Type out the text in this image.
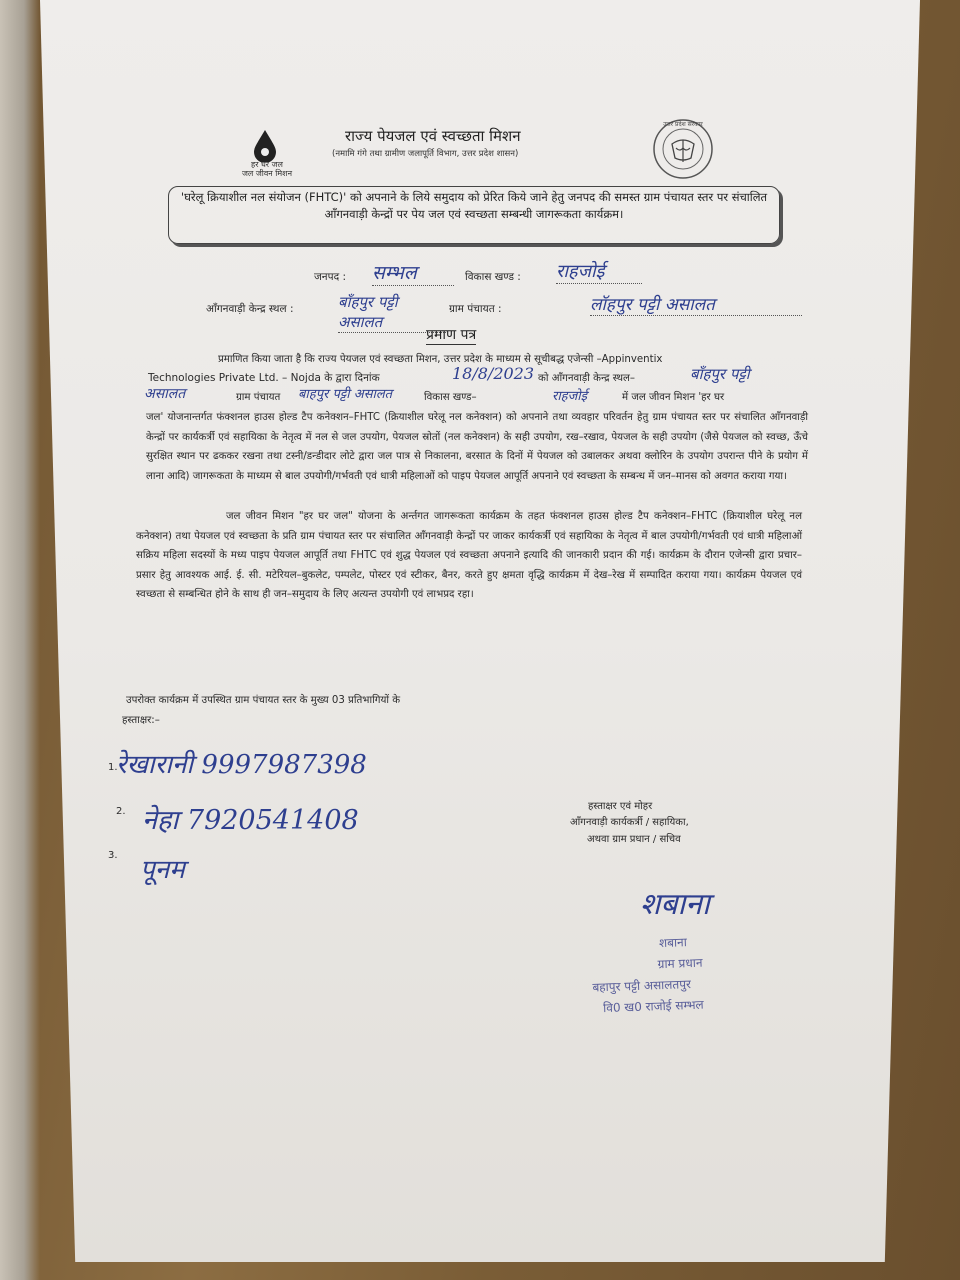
हर घर जल
जल जीवन मिशन
राज्य पेयजल एवं स्वच्छता मिशन
(नमामि गंगे तथा ग्रामीण जलापूर्ति विभाग, उत्तर प्रदेश शासन)
उत्तर प्रदेश सरकार
'घरेलू क्रियाशील नल संयोजन (FHTC)' को अपनाने के लिये समुदाय को प्रेरित किये जाने हेतु जनपद की समस्त ग्राम पंचायत स्तर पर संचालित आँगनवाड़ी केन्द्रों पर पेय जल एवं स्वच्छता सम्बन्धी जागरूकता कार्यक्रम।
जनपद : सम्भल	विकास खण्ड : राहजोई
आँगनवाड़ी केन्द्र स्थल :	बाँहपुर पट्टी असालत
ग्राम पंचायत :	लॉहपुर पट्टी असालत
प्रमाण पत्र
प्रमाणित किया जाता है कि राज्य पेयजल एवं स्वच्छता मिशन, उत्तर प्रदेश के माध्यम से सूचीबद्ध एजेन्सी –Appinventix
Technologies Private Ltd. – Nojda के द्वारा दिनांक	18/8/2023 को आँगनवाड़ी केन्द्र स्थल–	बाँहपुर पट्टी
असालत	ग्राम पंचायत बाहपुर पट्टी असालत	विकास खण्ड–	राहजोई	में जल जीवन मिशन 'हर घर
जल' योजनान्तर्गत फंक्शनल हाउस होल्ड टैप कनेक्शन–FHTC (क्रियाशील घरेलू नल कनेक्शन) को अपनाने तथा व्यवहार परिवर्तन हेतु ग्राम पंचायत स्तर पर संचालित आँगनवाड़ी केन्द्रों पर कार्यकर्त्री एवं सहायिका के नेतृत्व में नल से जल उपयोग, पेयजल स्रोतों (नल कनेक्शन) के सही उपयोग, रख–रखाव, पेयजल के सही उपयोग (जैसे पेयजल को स्वच्छ, ऊँचे सुरक्षित स्थान पर ढककर रखना तथा टस्नी/डन्डीदार लोटे द्वारा जल पात्र से निकालना, बरसात के दिनों में पेयजल को उबालकर अथवा क्लोरिन के उपयोग उपरान्त पीने के प्रयोग में लाना आदि) जागरूकता के माध्यम से बाल उपयोगी/गर्भवती एवं धात्री महिलाओं को पाइप पेयजल आपूर्ति अपनाने एवं स्वच्छता के सम्बन्ध में जन–मानस को अवगत कराया गया।
जल जीवन मिशन "हर घर जल" योजना के अर्न्तगत जागरूकता कार्यक्रम के तहत फंक्शनल हाउस होल्ड टैप कनेक्शन–FHTC (क्रियाशील घरेलू नल कनेक्शन) तथा पेयजल एवं स्वच्छता के प्रति ग्राम पंचायत स्तर पर संचालित आँगनवाड़ी केन्द्रों पर जाकर कार्यकर्त्री एवं सहायिका के नेतृत्व में बाल उपयोगी/गर्भवती एवं धात्री महिलाओं सक्रिय महिला सदस्यों के मध्य पाइप पेयजल आपूर्ति तथा FHTC एवं शुद्ध पेयजल एवं स्वच्छता अपनाने इत्यादि की जानकारी प्रदान की गई। कार्यक्रम के दौरान एजेन्सी द्वारा प्रचार–प्रसार हेतु आवश्यक आई. ई. सी. मटेरियल–बुकलेट, पम्पलेट, पोस्टर एवं स्टीकर, बैनर, करते हुए क्षमता वृद्धि कार्यक्रम में देख–रेख में सम्पादित कराया गया। कार्यक्रम पेयजल एवं स्वच्छता से सम्बन्धित होने के साथ ही जन–समुदाय के लिए अत्यन्त उपयोगी एवं लाभप्रद रहा।
उपरोक्त कार्यक्रम में उपस्थित ग्राम पंचायत स्तर के मुख्य 03 प्रतिभागियों के
हस्ताक्षर:–
1.
रेखारानी 9997987398
2. नेहा 7920541408
3. पूनम
हस्ताक्षर एवं मोहर
आँगनवाड़ी कार्यकर्त्री / सहायिका,
अथवा ग्राम प्रधान / सचिव
शबाना
शबाना
ग्राम प्रधान
बहापुर पट्टी असालतपुर
वि0 ख0 राजोई सम्भल
